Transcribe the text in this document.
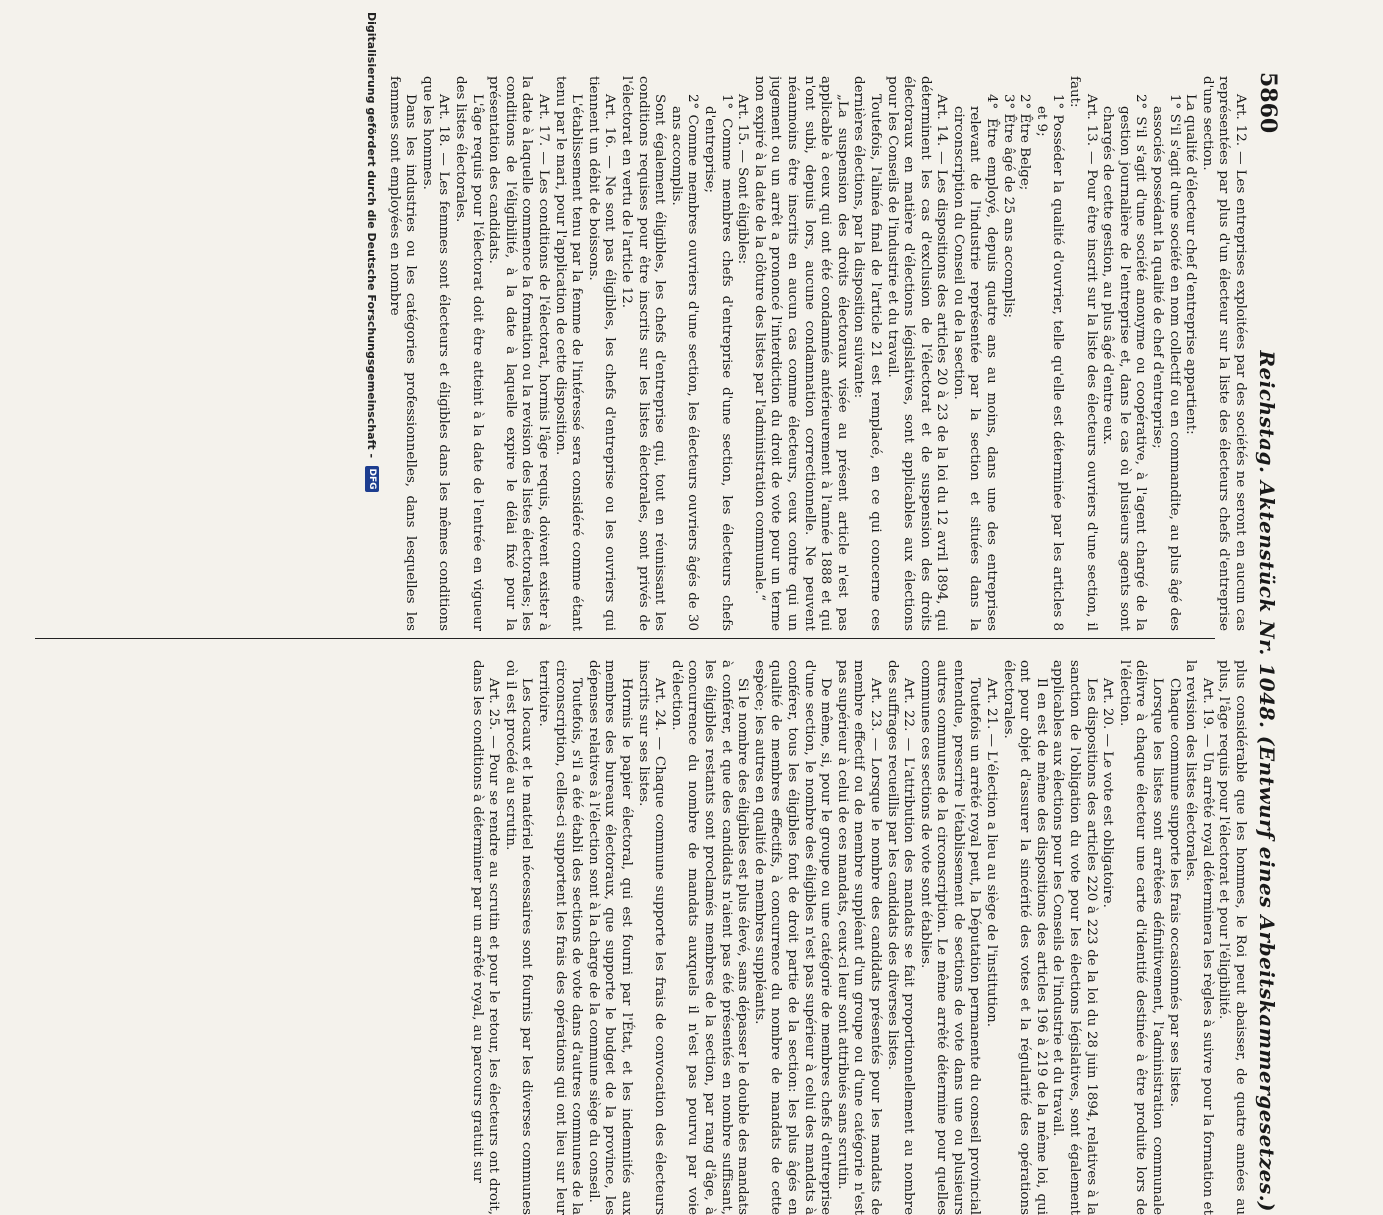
5860
Reichstag. Aktenstück Nr. 1048. (Entwurf eines Arbeitskammergesetzes.)

Art. 12. — Les entreprises exploitées par des sociétés ne seront en aucun cas représentées par plus d'un électeur sur la liste des électeurs chefs d'entreprise d'une section.

La qualité d'électeur chef d'entreprise appartient:

1° S'il s'agit d'une société en nom collectif ou en commandite, au plus âgé des associés possédant la qualité de chef d'entreprise;

2° S'il s'agit d'une société anonyme ou coopérative, à l'agent chargé de la gestion journalière de l'entreprise et, dans le cas où plusieurs agents sont chargés de cette gestion, au plus âgé d'entre eux.

Art. 13. — Pour être inscrit sur la liste des électeurs ouvriers d'une section, il faut:

1° Posséder la qualité d'ouvrier, telle qu'elle est déterminée par les articles 8 et 9;

2° Être Belge;

3° Être âgé de 25 ans accomplis;

4° Être employé, depuis quatre ans au moins, dans une des entreprises relevant de l'industrie représentée par la section et situées dans la circonscription du Conseil ou de la section.

Art. 14. — Les dispositions des articles 20 à 23 de la loi du 12 avril 1894, qui déterminent les cas d'exclusion de l'électorat et de suspension des droits électoraux en matière d'élections législatives, sont applicables aux élections pour les Conseils de l'industrie et du travail.

Toutefois, l'alinéa final de l'article 21 est remplacé, en ce qui concerne ces dernières élections, par la disposition suivante:

„La suspension des droits électoraux visée au présent article n'est pas applicable à ceux qui ont été condamnés antérieurement à l'année 1888 et qui n'ont subi, depuis lors, aucune condamnation correctionnelle. Ne peuvent néanmoins être inscrits en aucun cas comme électeurs, ceux contre qui un jugement ou un arrêt a prononcé l'interdiction du droit de vote pour un terme non expiré à la date de la clôture des listes par l'administration communale.“

Art. 15. — Sont éligibles:

1° Comme membres chefs d'entreprise d'une section, les électeurs chefs d'entreprise;

2° Comme membres ouvriers d'une section, les électeurs ouvriers âgés de 30 ans accomplis.

Sont également éligibles, les chefs d'entreprise qui, tout en réunissant les conditions requises pour être inscrits sur les listes électorales, sont privés de l'électorat en vertu de l'article 12.

Art. 16. — Ne sont pas éligibles, les chefs d'entreprise ou les ouvriers qui tiennent un débit de boissons.

L'établissement tenu par la femme de l'intéressé sera considéré comme étant tenu par le mari, pour l'application de cette disposition.

Art. 17. — Les conditions de l'électorat, hormis l'âge requis, doivent exister à la date à laquelle commence la formation ou la revision des listes électorales; les conditions de l'éligibilité, à la date à laquelle expire le délai fixé pour la présentation des candidats.

L'âge requis pour l'électorat doit être atteint à la date de l'entrée en vigueur des listes électorales.

Art. 18. — Les femmes sont électeurs et éligibles dans les mêmes conditions que les hommes.

Dans les industries ou les catégories professionnelles, dans lesquelles les femmes sont employées en nombre

plus considérable que les hommes, le Roi peut abaisser, de quatre années au plus, l'âge requis pour l'électorat et pour l'éligibilité.

Art. 19. — Un arrêté royal déterminera les règles à suivre pour la formation et la revision des listes électorales.

Chaque commune supporte les frais occasionnés par ses listes.

Lorsque les listes sont arrêtées définitivement, l'administration communale délivre à chaque électeur une carte d'identité destinée à être produite lors de l'élection.

Art. 20. — Le vote est obligatoire.

Les dispositions des articles 220 à 223 de la loi du 28 juin 1894, relatives à la sanction de l'obligation du vote pour les élections législatives, sont également applicables aux élections pour les Conseils de l'industrie et du travail.

Il en est de même des dispositions des articles 196 à 219 de la même loi, qui ont pour objet d'assurer la sincérité des votes et la régularité des opérations électorales.

Art. 21. — L'élection a lieu au siège de l'institution.

Toutefois un arrêté royal peut, la Députation permanente du conseil provincial entendue, prescrire l'établissement de sections de vote dans une ou plusieurs autres communes de la circonscription. Le même arrêté détermine pour quelles communes ces sections de vote sont établies.

Art. 22. — L'attribution des mandats se fait proportionnellement au nombre des suffrages recueillis par les candidats des diverses listes.

Art. 23. — Lorsque le nombre des candidats présentés pour les mandats de membre effectif ou de membre suppléant d'un groupe ou d'une catégorie n'est pas supérieur à celui de ces mandats, ceux-ci leur sont attribués sans scrutin.

De même, si, pour le groupe ou une catégorie de membres chefs d'entreprise d'une section, le nombre des éligibles n'est pas supérieur à celui des mandats à conférer, tous les éligibles font de droit partie de la section: les plus âgés en qualité de membres effectifs, à concurrence du nombre de mandats de cette espèce; les autres en qualité de membres suppléants.

Si le nombre des éligibles est plus élevé, sans dépasser le double des mandats à conférer, et que des candidats n'aient pas été présentés en nombre suffisant, les éligibles restants sont proclamés membres de la section, par rang d'âge, à concurrence du nombre de mandats auxquels il n'est pas pourvu par voie d'élection.

Art. 24. — Chaque commune supporte les frais de convocation des électeurs inscrits sur ses listes.

Hormis le papier électoral, qui est fourni par l'État, et les indemnités aux membres des bureaux électoraux, que supporte le budget de la province, les dépenses relatives à l'élection sont à la charge de la commune siège du conseil.

Toutefois, s'il a été établi des sections de vote dans d'autres communes de la circonscription, celles-ci supportent les frais des opérations qui ont lieu sur leur territoire.

Les locaux et le matériel nécessaires sont fournis par les diverses communes où il est procédé au scrutin.

Art. 25. — Pour se rendre au scrutin et pour le retour, les électeurs ont droit, dans les conditions à déterminer par un arrêté royal, au parcours gratuit sur

Digitalisierung gefördert durch die Deutsche Forschungsgemeinschaft -
DFG
